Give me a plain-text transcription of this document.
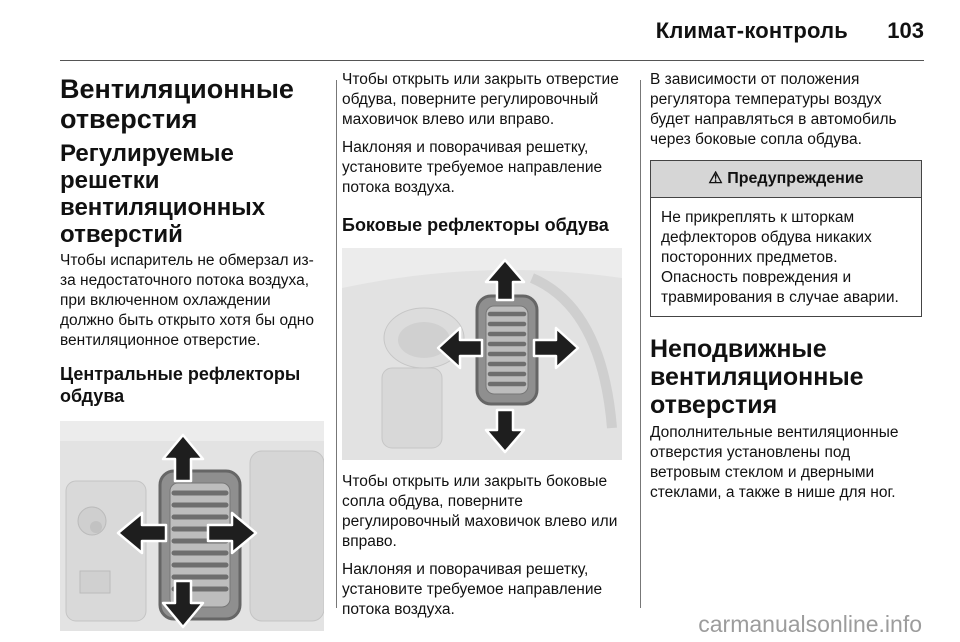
Климат-контроль 103
Вентиляционные отверстия
Регулируемые решетки вентиляционных отверстий
Чтобы испаритель не обмерзал из-за недостаточного потока воздуха, при включенном охлаждении должно быть открыто хотя бы одно вентиляционное отверстие.
Центральные рефлекторы обдува
Чтобы открыть или закрыть отверстие обдува, поверните регулировочный маховичок влево или вправо.
Наклоняя и поворачивая решетку, установите требуемое направление потока воздуха.
Боковые рефлекторы обдува
Чтобы открыть или закрыть боковые сопла обдува, поверните регулировочный маховичок влево или вправо.
Наклоняя и поворачивая решетку, установите требуемое направление потока воздуха.
В зависимости от положения регулятора температуры воздух будет направляться в автомобиль через боковые сопла обдува.
⚠ Предупреждение
Не прикреплять к шторкам дефлекторов обдува никаких посторонних предметов. Опасность повреждения и травмирования в случае аварии.
Неподвижные вентиляционные отверстия
Дополнительные вентиляционные отверстия установлены под ветровым стеклом и дверными стеклами, а также в нише для ног.
carmanualsonline.info
